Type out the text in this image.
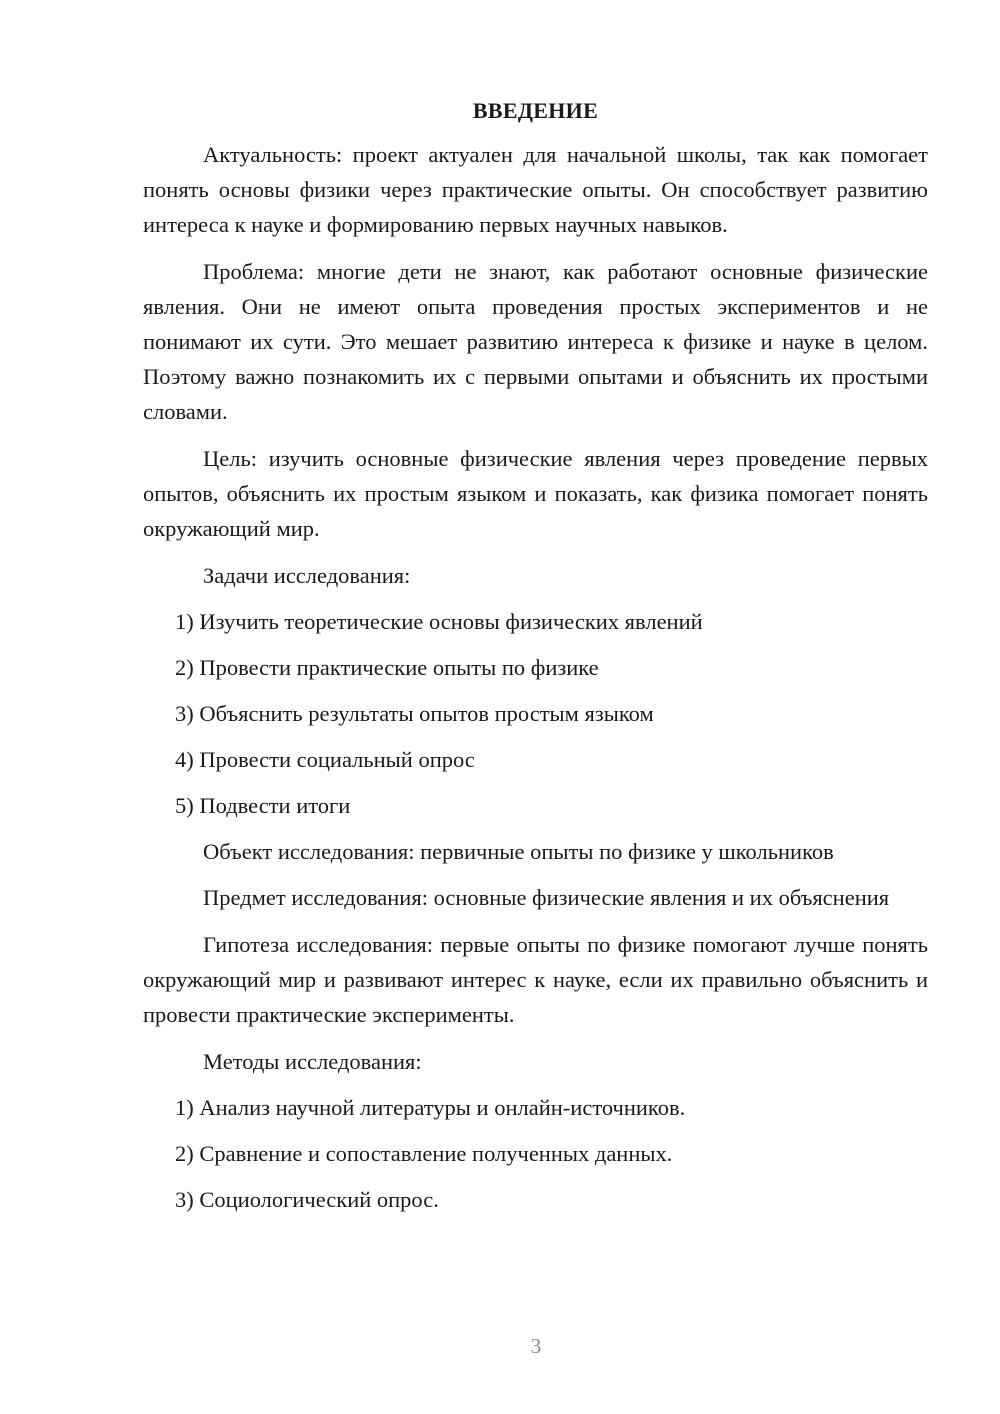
ВВЕДЕНИЕ

Актуальность: проект актуален для начальной школы, так как помогает понять основы физики через практические опыты. Он способствует развитию интереса к науке и формированию первых научных навыков.

Проблема: многие дети не знают, как работают основные физические явления. Они не имеют опыта проведения простых экспериментов и не понимают их сути. Это мешает развитию интереса к физике и науке в целом. Поэтому важно познакомить их с первыми опытами и объяснить их простыми словами.

Цель: изучить основные физические явления через проведение первых опытов, объяснить их простым языком и показать, как физика помогает понять окружающий мир.

Задачи исследования:

1) Изучить теоретические основы физических явлений

2) Провести практические опыты по физике

3) Объяснить результаты опытов простым языком

4) Провести социальный опрос

5) Подвести итоги

Объект исследования: первичные опыты по физике у школьников

Предмет исследования: основные физические явления и их объяснения

Гипотеза исследования: первые опыты по физике помогают лучше понять окружающий мир и развивают интерес к науке, если их правильно объяснить и провести практические эксперименты.

Методы исследования:

1) Анализ научной литературы и онлайн-источников.

2) Сравнение и сопоставление полученных данных.

3) Социологический опрос.

3
